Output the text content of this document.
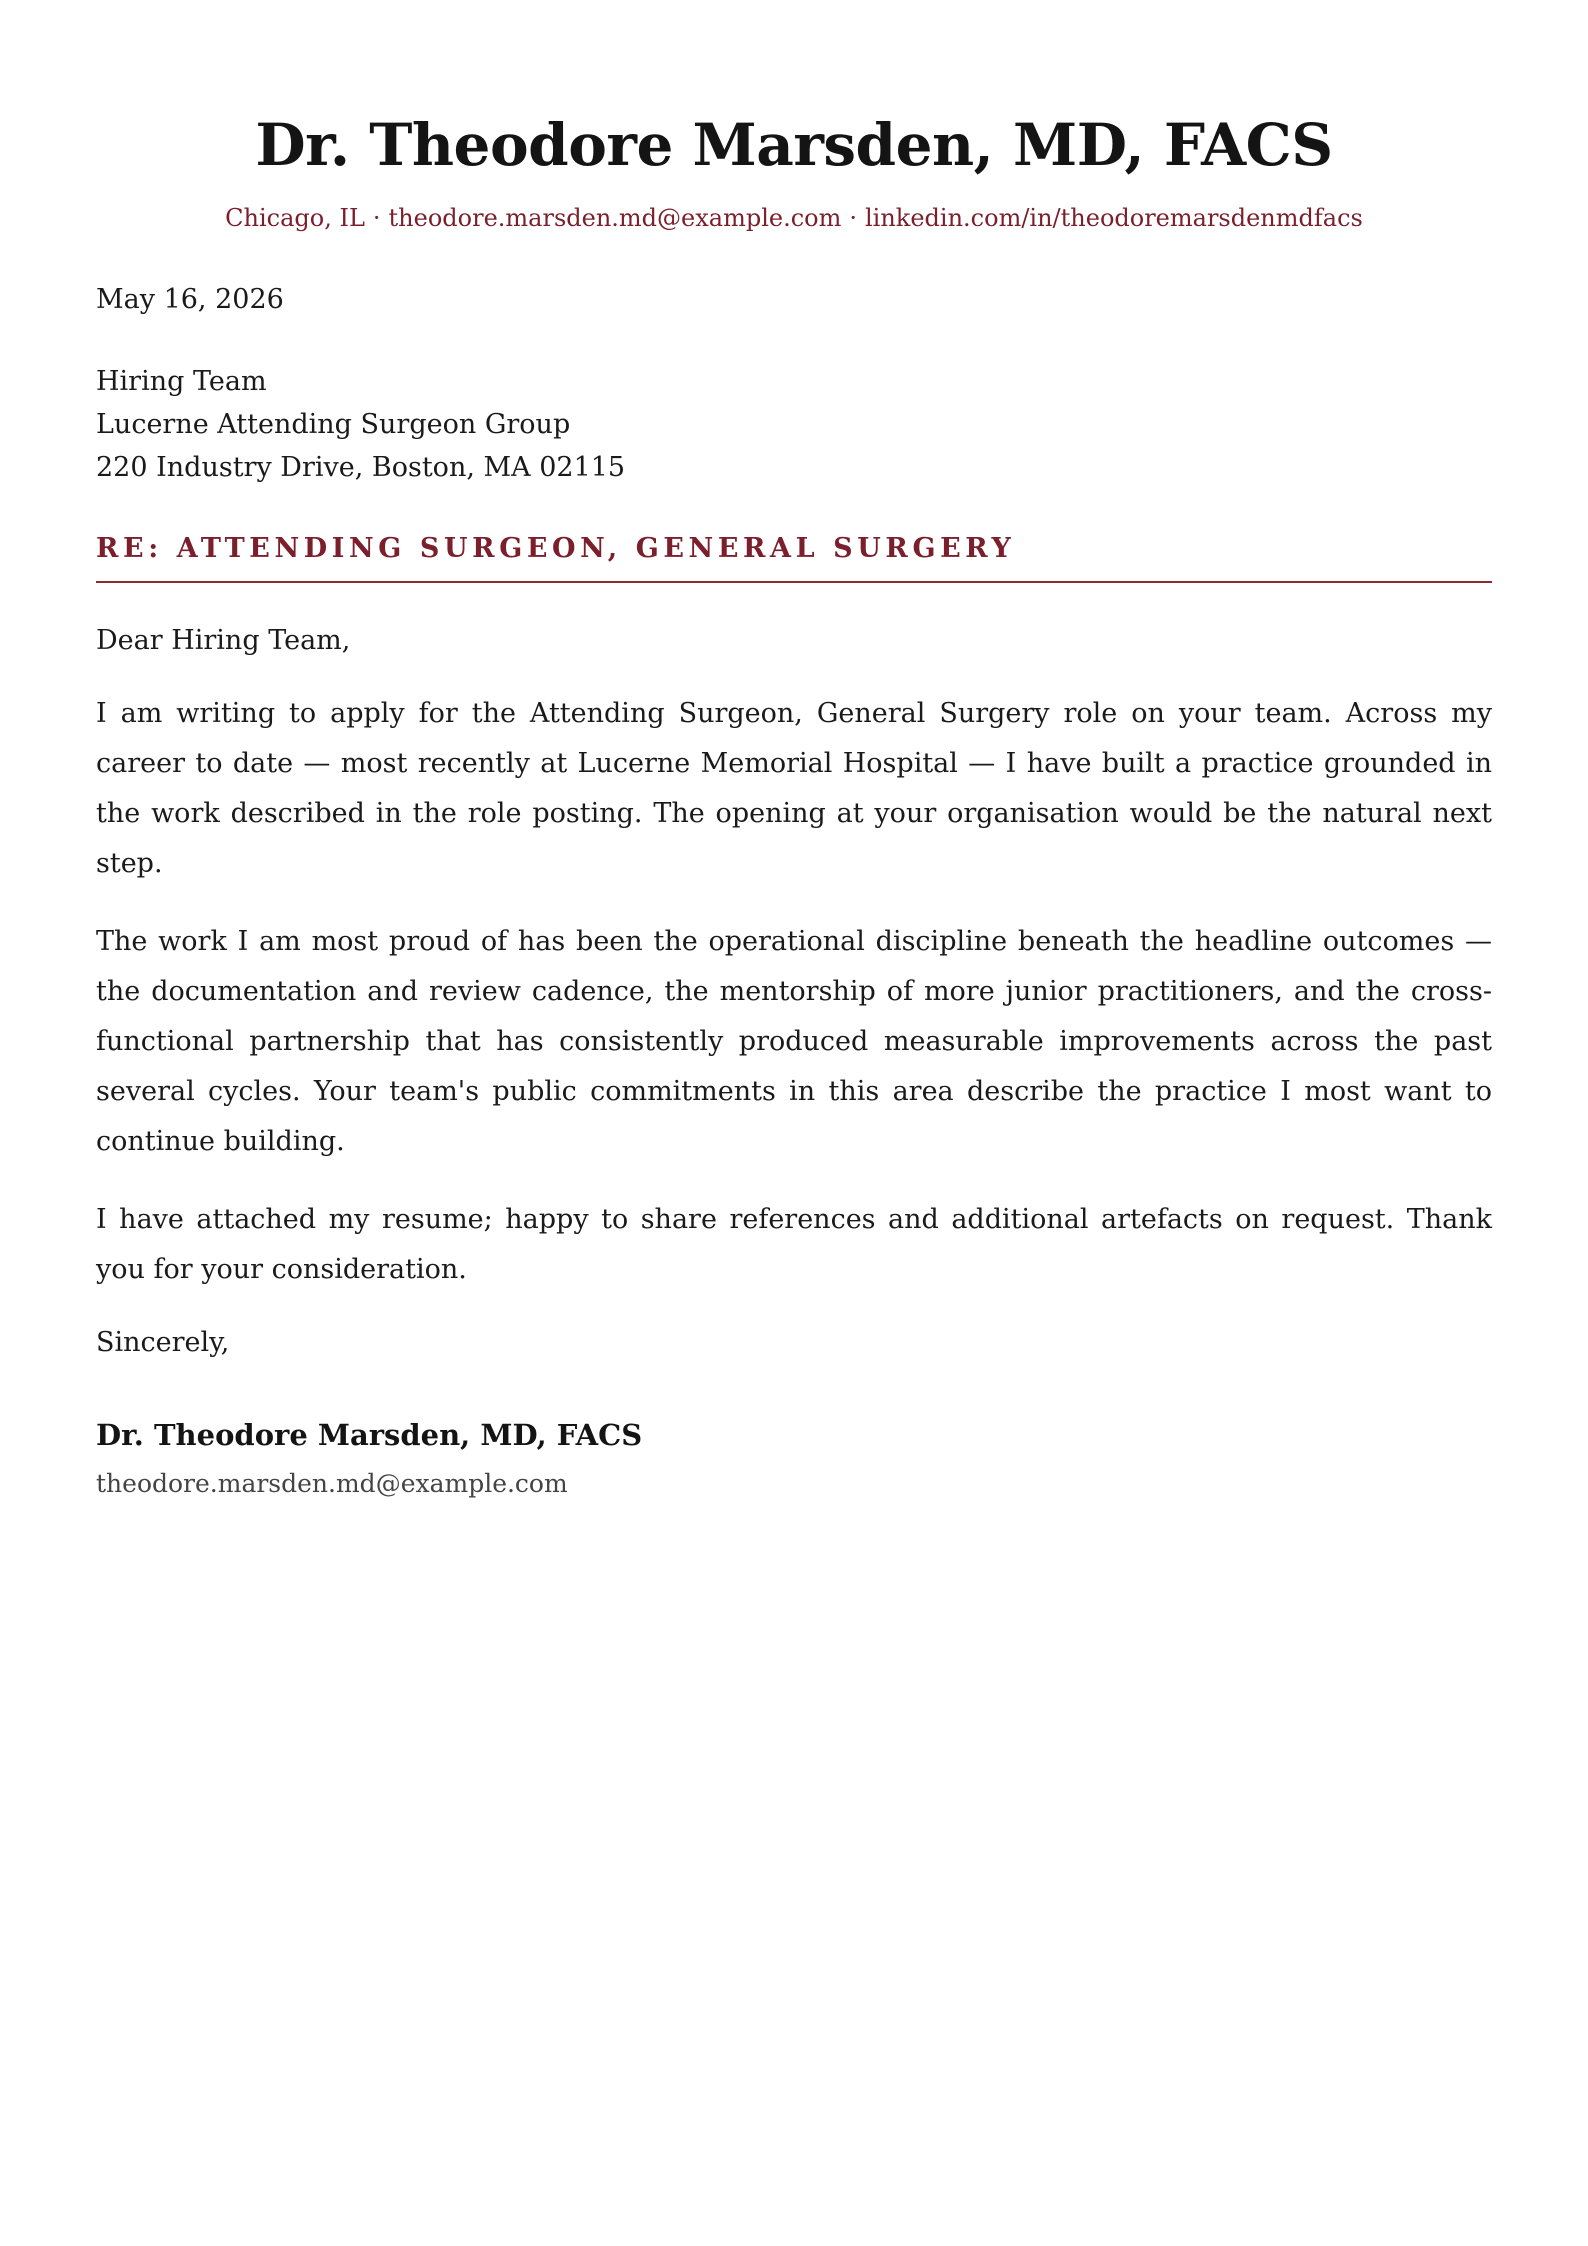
Dr. Theodore Marsden, MD, FACS
Chicago, IL · theodore.marsden.md@example.com · linkedin.com/in/theodoremarsdenmdfacs
May 16, 2026
Hiring Team
Lucerne Attending Surgeon Group
220 Industry Drive, Boston, MA 02115
RE: ATTENDING SURGEON, GENERAL SURGERY
Dear Hiring Team,
I am writing to apply for the Attending Surgeon, General Surgery role on your team. Across my career to date — most recently at Lucerne Memorial Hospital — I have built a practice grounded in the work described in the role posting. The opening at your organisation would be the natural next step.
The work I am most proud of has been the operational discipline beneath the headline outcomes — the documentation and review cadence, the mentorship of more junior practitioners, and the cross-functional partnership that has consistently produced measurable improvements across the past several cycles. Your team's public commitments in this area describe the practice I most want to continue building.
I have attached my resume; happy to share references and additional artefacts on request. Thank you for your consideration.
Sincerely,
Dr. Theodore Marsden, MD, FACS
theodore.marsden.md@example.com
